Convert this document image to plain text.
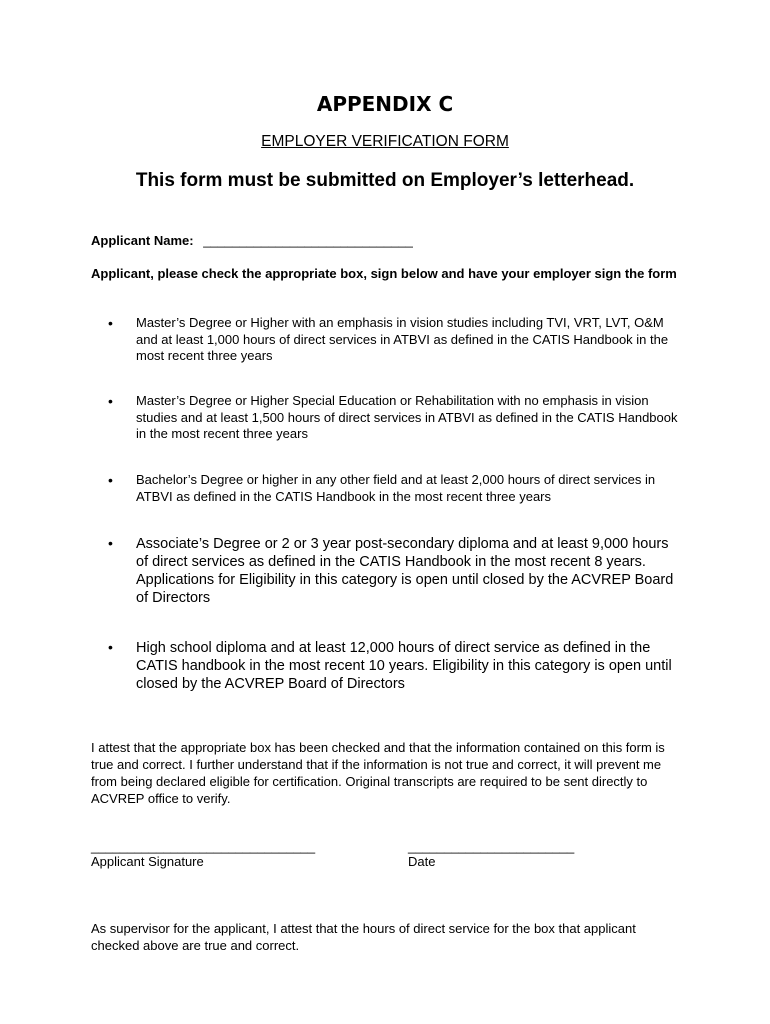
APPENDIX C
EMPLOYER VERIFICATION FORM
This form must be submitted on Employer’s letterhead.
Applicant Name: _____________________________
Applicant, please check the appropriate box, sign below and have your employer sign the form
• Master’s Degree or Higher with an emphasis in vision studies including TVI, VRT, LVT, O&M and at least 1,000 hours of direct services in ATBVI as defined in the CATIS Handbook in the most recent three years
• Master’s Degree or Higher Special Education or Rehabilitation with no emphasis in vision studies and at least 1,500 hours of direct services in ATBVI as defined in the CATIS Handbook in the most recent three years
• Bachelor’s Degree or higher in any other field and at least 2,000 hours of direct services in ATBVI as defined in the CATIS Handbook in the most recent three years
• Associate’s Degree or 2 or 3 year post-secondary diploma and at least 9,000 hours of direct services as defined in the CATIS Handbook in the most recent 8 years. Applications for Eligibility in this category is open until closed by the ACVREP Board of Directors
• High school diploma and at least 12,000 hours of direct service as defined in the CATIS handbook in the most recent 10 years. Eligibility in this category is open until closed by the ACVREP Board of Directors
I attest that the appropriate box has been checked and that the information contained on this form is true and correct. I further understand that if the information is not true and correct, it will prevent me from being declared eligible for certification. Original transcripts are required to be sent directly to ACVREP office to verify.
_______________________________	_______________________
Applicant Signature	Date
As supervisor for the applicant, I attest that the hours of direct service for the box that applicant checked above are true and correct.
